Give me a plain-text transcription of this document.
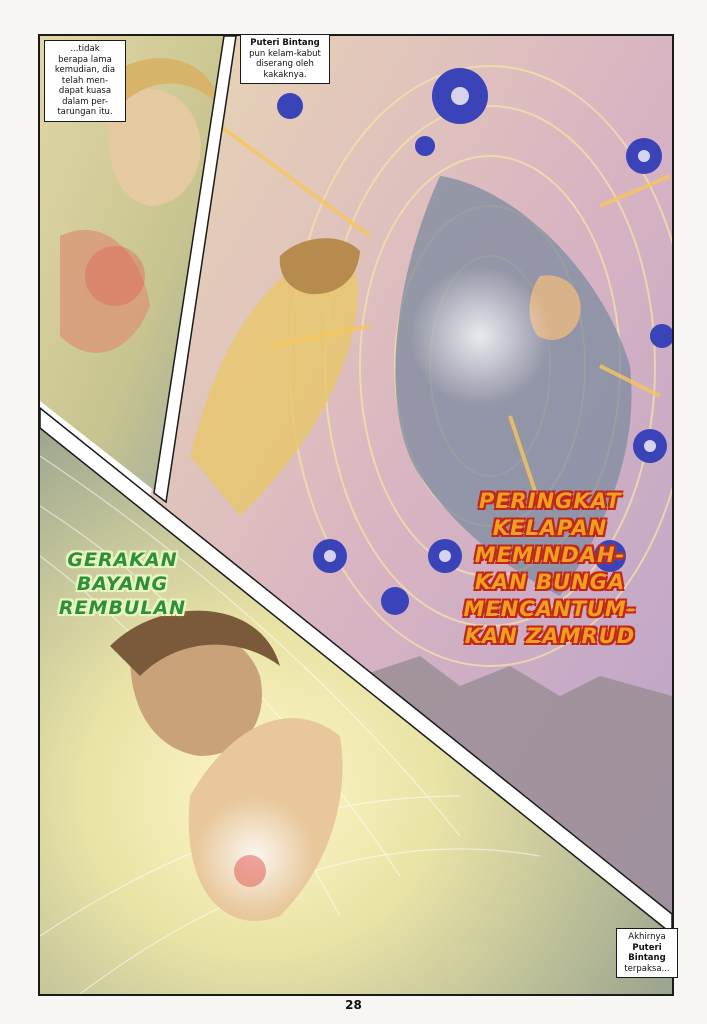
...tidak
berapa lama
kemudian, dia
telah men-
dapat kuasa
dalam per-
tarungan itu.
Puteri Bintang
pun kelam-kabut
diserang oleh
kakaknya.
Akhirnya
Puteri
Bintang
terpaksa...
GERAKAN
BAYANG
REMBULAN
PERINGKAT
KELAPAN
MEMINDAH-
KAN BUNGA
MENCANTUM-
KAN ZAMRUD
28
